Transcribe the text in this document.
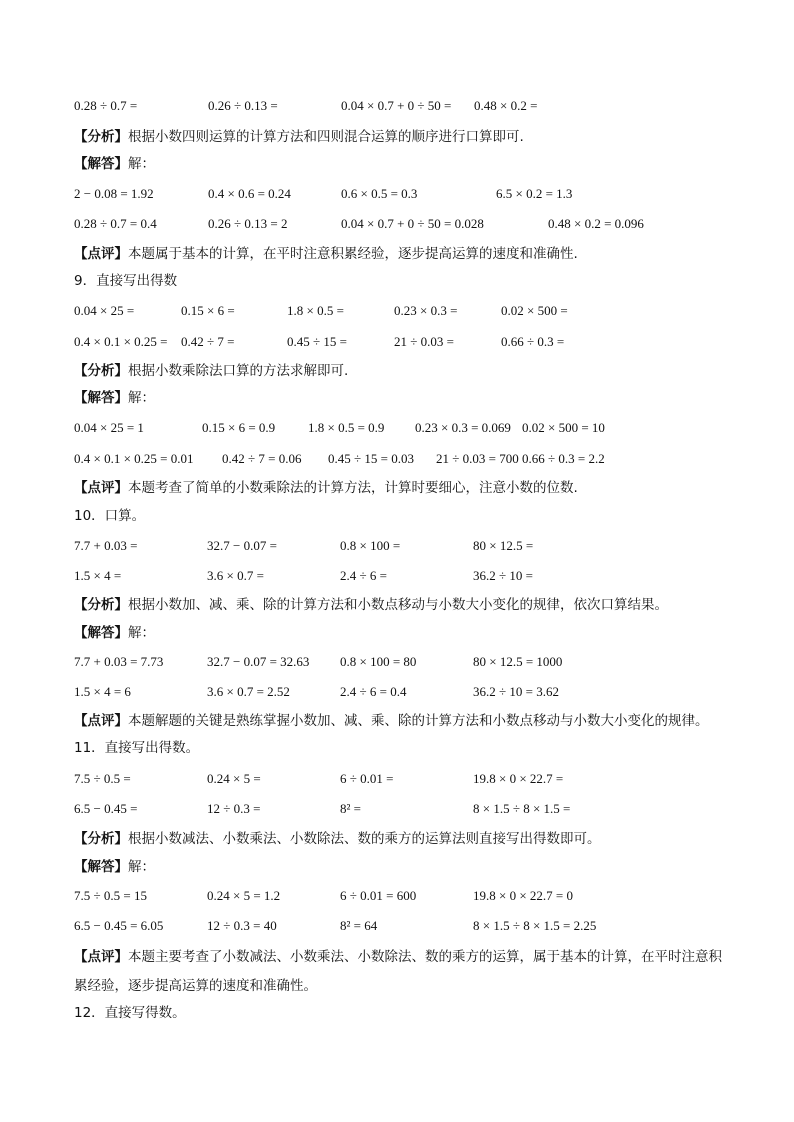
0.28 ÷ 0.7 =	0.26 ÷ 0.13 =	0.04 × 0.7 + 0 ÷ 50 = 0.48 × 0.2 =
【分析】根据小数四则运算的计算方法和四则混合运算的顺序进行口算即可.
【解答】解：
2 − 0.08 = 1.92	0.4 × 0.6 = 0.24	0.6 × 0.5 = 0.3	6.5 × 0.2 = 1.3
0.28 ÷ 0.7 = 0.4	0.26 ÷ 0.13 = 2	0.04 × 0.7 + 0 ÷ 50 = 0.028	0.48 × 0.2 = 0.096
【点评】本题属于基本的计算，在平时注意积累经验，逐步提高运算的速度和准确性.
9．直接写出得数
0.04 × 25 =	0.15 × 6 =	1.8 × 0.5 =	0.23 × 0.3 =	0.02 × 500 =
0.4 × 0.1 × 0.25 = 0.42 ÷ 7 =	0.45 ÷ 15 =	21 ÷ 0.03 =	0.66 ÷ 0.3 =
【分析】根据小数乘除法口算的方法求解即可.
【解答】解：
0.04 × 25 = 1	0.15 × 6 = 0.9	1.8 × 0.5 = 0.9 0.23 × 0.3 = 0.069 0.02 × 500 = 10
0.4 × 0.1 × 0.25 = 0.01 0.42 ÷ 7 = 0.06 0.45 ÷ 15 = 0.03 21 ÷ 0.03 = 700 0.66 ÷ 0.3 = 2.2
【点评】本题考查了简单的小数乘除法的计算方法，计算时要细心，注意小数的位数.
10．口算。
7.7 + 0.03 =	32.7 − 0.07 =	0.8 × 100 =	80 × 12.5 =
1.5 × 4 =	3.6 × 0.7 =	2.4 ÷ 6 =	36.2 ÷ 10 =
【分析】根据小数加、减、乘、除的计算方法和小数点移动与小数大小变化的规律，依次口算结果。
【解答】解：
7.7 + 0.03 = 7.73	32.7 − 0.07 = 32.63 0.8 × 100 = 80	80 × 12.5 = 1000
1.5 × 4 = 6	3.6 × 0.7 = 2.52	2.4 ÷ 6 = 0.4	36.2 ÷ 10 = 3.62
【点评】本题解题的关键是熟练掌握小数加、减、乘、除的计算方法和小数点移动与小数大小变化的规律。
11．直接写出得数。
7.5 ÷ 0.5 =	0.24 × 5 =	6 ÷ 0.01 =	19.8 × 0 × 22.7 =
6.5 − 0.45 =	12 ÷ 0.3 =	8² =	8 × 1.5 ÷ 8 × 1.5 =
【分析】根据小数减法、小数乘法、小数除法、数的乘方的运算法则直接写出得数即可。
【解答】解：
7.5 ÷ 0.5 = 15	0.24 × 5 = 1.2	6 ÷ 0.01 = 600	19.8 × 0 × 22.7 = 0
6.5 − 0.45 = 6.05	12 ÷ 0.3 = 40	8² = 64	8 × 1.5 ÷ 8 × 1.5 = 2.25
【点评】本题主要考查了小数减法、小数乘法、小数除法、数的乘方的运算，属于基本的计算，在平时注意积累经验，逐步提高运算的速度和准确性。
12．直接写得数。
